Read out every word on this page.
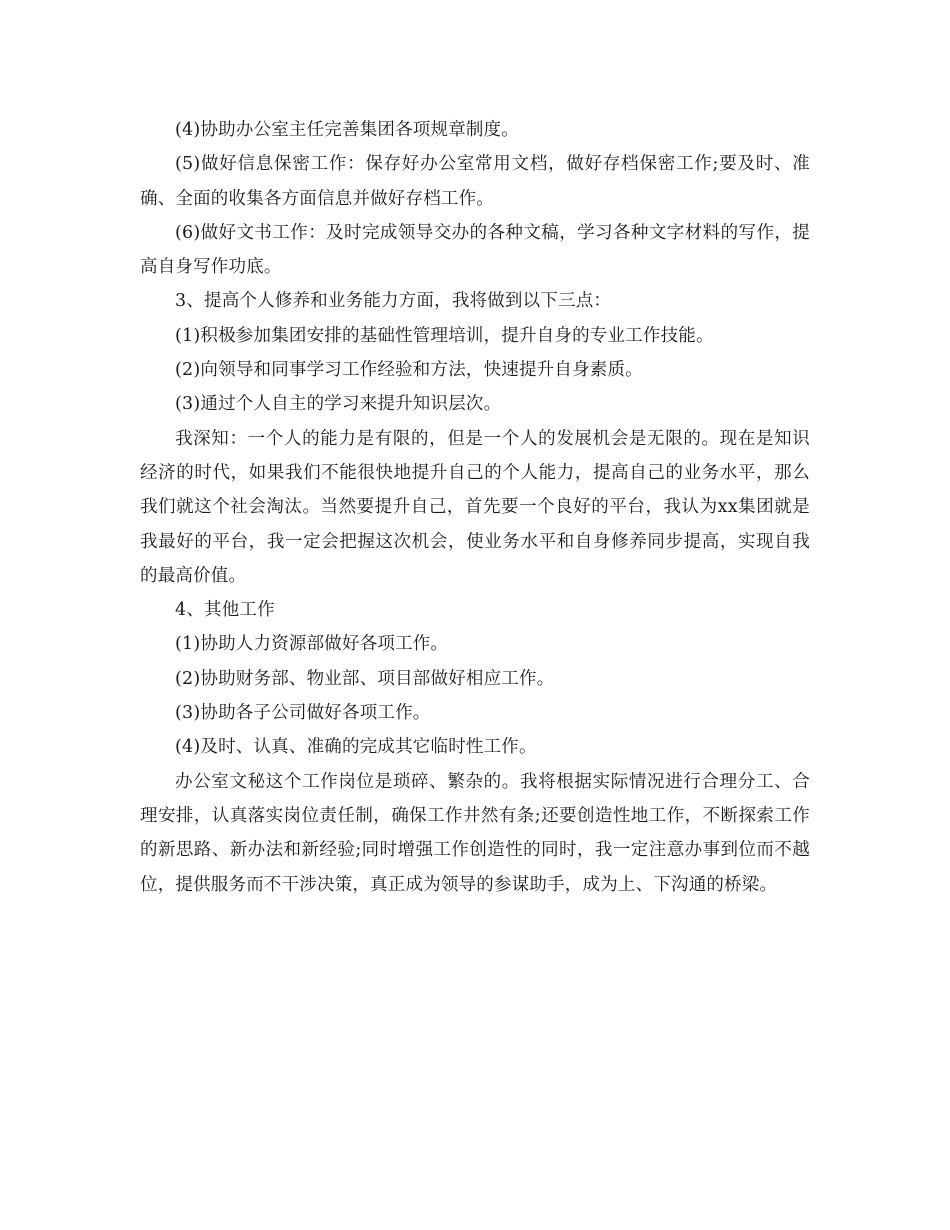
(4)协助办公室主任完善集团各项规章制度。

(5)做好信息保密工作：保存好办公室常用文档，做好存档保密工作;要及时、准确、全面的收集各方面信息并做好存档工作。

(6)做好文书工作：及时完成领导交办的各种文稿，学习各种文字材料的写作，提高自身写作功底。

3、提高个人修养和业务能力方面，我将做到以下三点：

(1)积极参加集团安排的基础性管理培训，提升自身的专业工作技能。

(2)向领导和同事学习工作经验和方法，快速提升自身素质。

(3)通过个人自主的学习来提升知识层次。

我深知：一个人的能力是有限的，但是一个人的发展机会是无限的。现在是知识经济的时代，如果我们不能很快地提升自己的个人能力，提高自己的业务水平，那么我们就这个社会淘汰。当然要提升自己，首先要一个良好的平台，我认为xx集团就是我最好的平台，我一定会把握这次机会，使业务水平和自身修养同步提高，实现自我的最高价值。

4、其他工作

(1)协助人力资源部做好各项工作。

(2)协助财务部、物业部、项目部做好相应工作。

(3)协助各子公司做好各项工作。

(4)及时、认真、准确的完成其它临时性工作。

办公室文秘这个工作岗位是琐碎、繁杂的。我将根据实际情况进行合理分工、合理安排，认真落实岗位责任制，确保工作井然有条;还要创造性地工作，不断探索工作的新思路、新办法和新经验;同时增强工作创造性的同时，我一定注意办事到位而不越位，提供服务而不干涉决策，真正成为领导的参谋助手，成为上、下沟通的桥梁。
